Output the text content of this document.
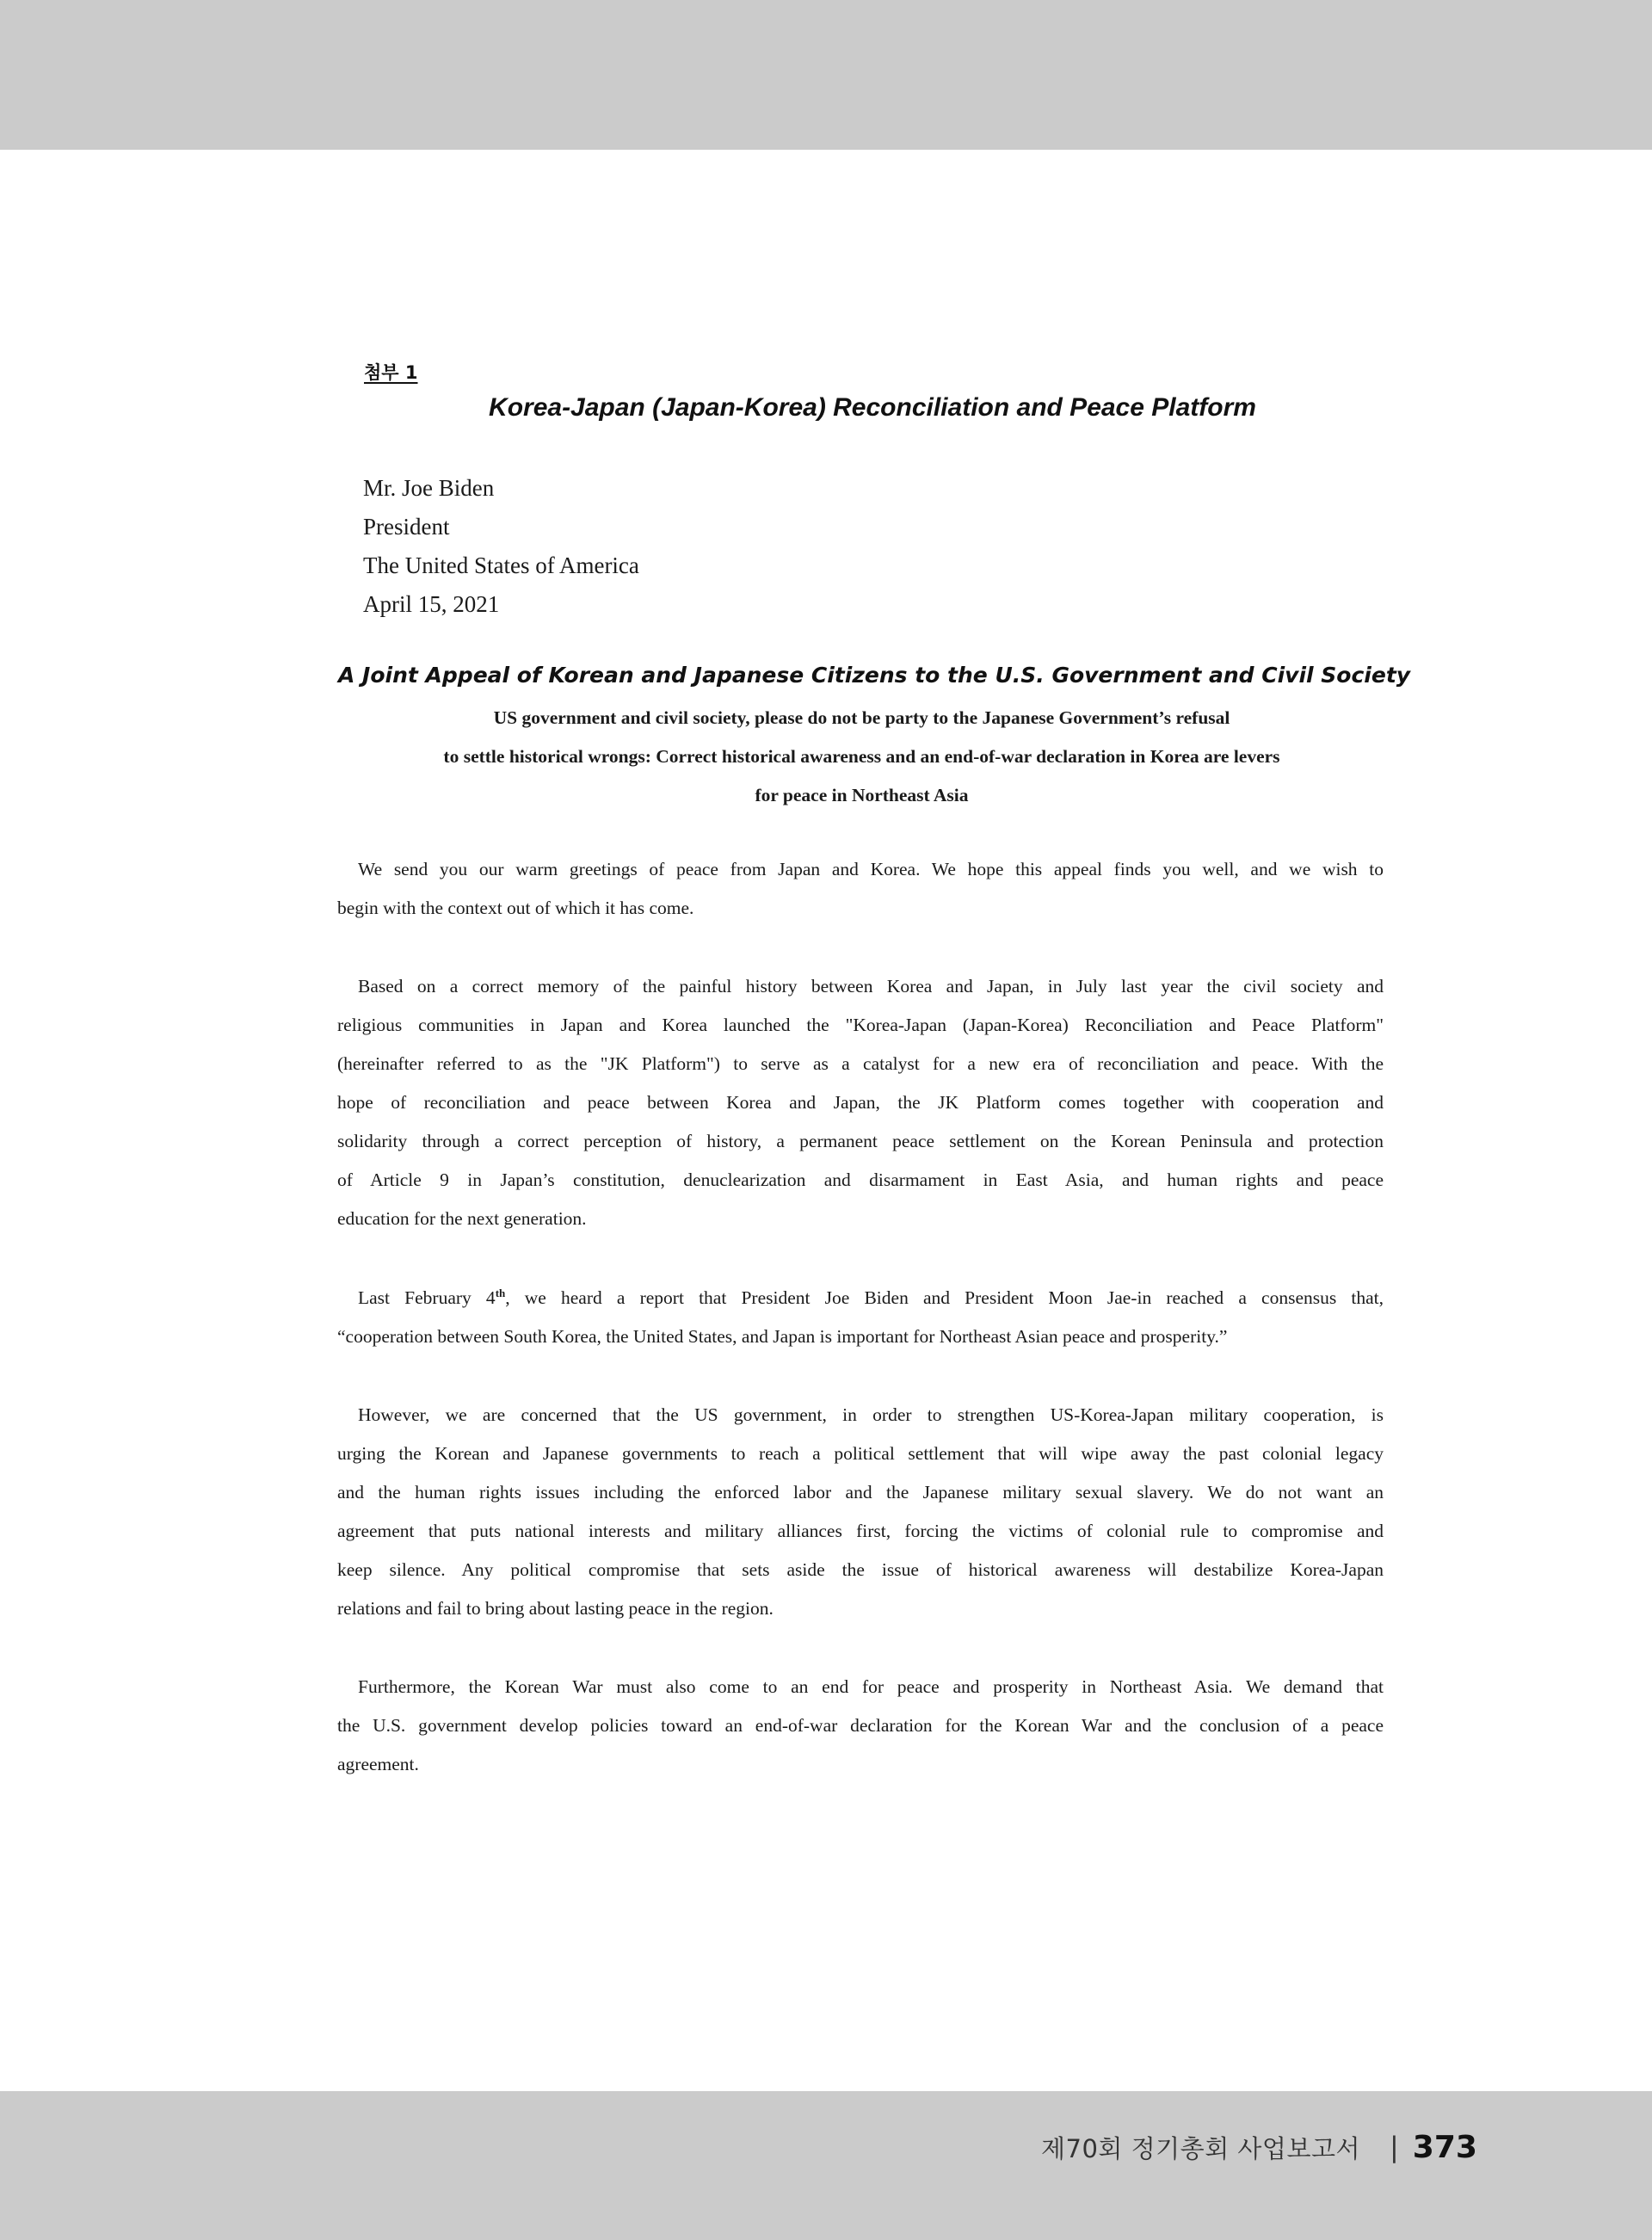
첨부 1
Korea-Japan (Japan-Korea) Reconciliation and Peace Platform
Mr. Joe Biden
President
The United States of America
April 15, 2021
A Joint Appeal of Korean and Japanese Citizens to the U.S. Government and Civil Society
US government and civil society, please do not be party to the Japanese Government’s refusal
to settle historical wrongs: Correct historical awareness and an end-of-war declaration in Korea are levers
for peace in Northeast Asia
We send you our warm greetings of peace from Japan and Korea. We hope this appeal finds you well, and we wish to
begin with the context out of which it has come.
Based on a correct memory of the painful history between Korea and Japan, in July last year the civil society and
religious communities in Japan and Korea launched the "Korea-Japan (Japan-Korea) Reconciliation and Peace Platform"
(hereinafter referred to as the "JK Platform") to serve as a catalyst for a new era of reconciliation and peace. With the
hope of reconciliation and peace between Korea and Japan, the JK Platform comes together with cooperation and
solidarity through a correct perception of history, a permanent peace settlement on the Korean Peninsula and protection
of Article 9 in Japan’s constitution, denuclearization and disarmament in East Asia, and human rights and peace
education for the next generation.
Last February 4th, we heard a report that President Joe Biden and President Moon Jae-in reached a consensus that,
“cooperation between South Korea, the United States, and Japan is important for Northeast Asian peace and prosperity.”
However, we are concerned that the US government, in order to strengthen US-Korea-Japan military cooperation, is
urging the Korean and Japanese governments to reach a political settlement that will wipe away the past colonial legacy
and the human rights issues including the enforced labor and the Japanese military sexual slavery. We do not want an
agreement that puts national interests and military alliances first, forcing the victims of colonial rule to compromise and
keep silence. Any political compromise that sets aside the issue of historical awareness will destabilize Korea-Japan
relations and fail to bring about lasting peace in the region.
Furthermore, the Korean War must also come to an end for peace and prosperity in Northeast Asia. We demand that
the U.S. government develop policies toward an end-of-war declaration for the Korean War and the conclusion of a peace
agreement.
제70회 정기총회 사업보고서 | 373
